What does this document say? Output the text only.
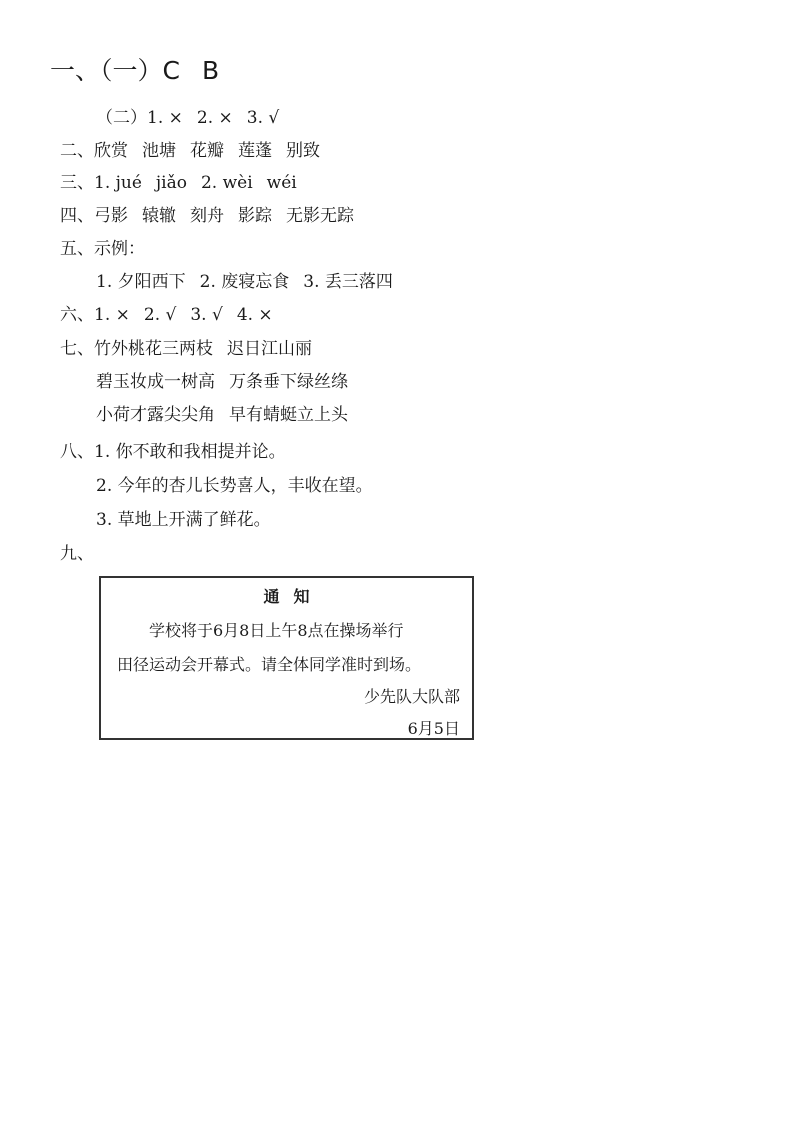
一、（一）C B
（二）1. × 2. × 3. √
二、欣赏 池塘 花瓣 莲蓬 别致
三、1. jué jiǎo 2. wèi wéi
四、弓影 辕辙 刻舟 影踪 无影无踪
五、示例：
1. 夕阳西下 2. 废寝忘食 3. 丢三落四
六、1. × 2. √ 3. √ 4. ×
七、竹外桃花三两枝 迟日江山丽
碧玉妆成一树高 万条垂下绿丝绦
小荷才露尖尖角 早有蜻蜓立上头
八、1. 你不敢和我相提并论。
2. 今年的杏儿长势喜人，丰收在望。
3. 草地上开满了鲜花。
九、
通知
学校将于6月8日上午8点在操场举行
田径运动会开幕式。请全体同学准时到场。
少先队大队部
6月5日
